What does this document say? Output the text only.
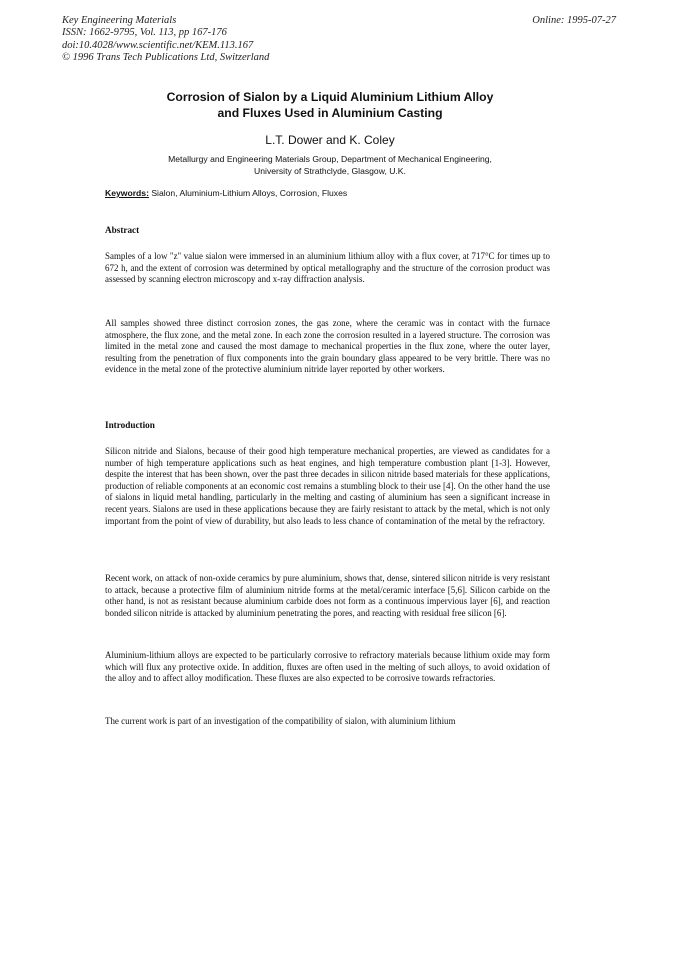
Key Engineering Materials
ISSN: 1662-9795, Vol. 113, pp 167-176
doi:10.4028/www.scientific.net/KEM.113.167
© 1996 Trans Tech Publications Ltd, Switzerland
Online: 1995-07-27
Corrosion of Sialon by a Liquid Aluminium Lithium Alloy
and Fluxes Used in Aluminium Casting
L.T. Dower and K. Coley
Metallurgy and Engineering Materials Group, Department of Mechanical Engineering,
University of Strathclyde, Glasgow, U.K.
Keywords: Sialon, Aluminium-Lithium Alloys, Corrosion, Fluxes
Abstract

Samples of a low "z" value sialon were immersed in an aluminium lithium alloy with a flux cover, at 717°C for times up to 672 h, and the extent of corrosion was determined by optical metallography and the structure of the corrosion product was assessed by scanning electron microscopy and x-ray diffraction analysis.

All samples showed three distinct corrosion zones, the gas zone, where the ceramic was in contact with the furnace atmosphere, the flux zone, and the metal zone. In each zone the corrosion resulted in a layered structure. The corrosion was limited in the metal zone and caused the most damage to mechanical properties in the flux zone, where the outer layer, resulting from the penetration of flux components into the grain boundary glass appeared to be very brittle. There was no evidence in the metal zone of the protective aluminium nitride layer reported by other workers.

Introduction

Silicon nitride and Sialons, because of their good high temperature mechanical properties, are viewed as candidates for a number of high temperature applications such as heat engines, and high temperature combustion plant [1-3]. However, despite the interest that has been shown, over the past three decades in silicon nitride based materials for these applications, production of reliable components at an economic cost remains a stumbling block to their use [4]. On the other hand the use of sialons in liquid metal handling, particularly in the melting and casting of aluminium has seen a significant increase in recent years. Sialons are used in these applications because they are fairly resistant to attack by the metal, which is not only important from the point of view of durability, but also leads to less chance of contamination of the metal by the refractory.

Recent work, on attack of non-oxide ceramics by pure aluminium, shows that, dense, sintered silicon nitride is very resistant to attack, because a protective film of aluminium nitride forms at the metal/ceramic interface [5,6]. Silicon carbide on the other hand, is not as resistant because aluminium carbide does not form as a continuous impervious layer [6], and reaction bonded silicon nitride is attacked by aluminium penetrating the pores, and reacting with residual free silicon [6].

Aluminium-lithium alloys are expected to be particularly corrosive to refractory materials because lithium oxide may form which will flux any protective oxide. In addition, fluxes are often used in the melting of such alloys, to avoid oxidation of the alloy and to affect alloy modification. These fluxes are also expected to be corrosive towards refractories.

The current work is part of an investigation of the compatibility of sialon, with aluminium lithium
